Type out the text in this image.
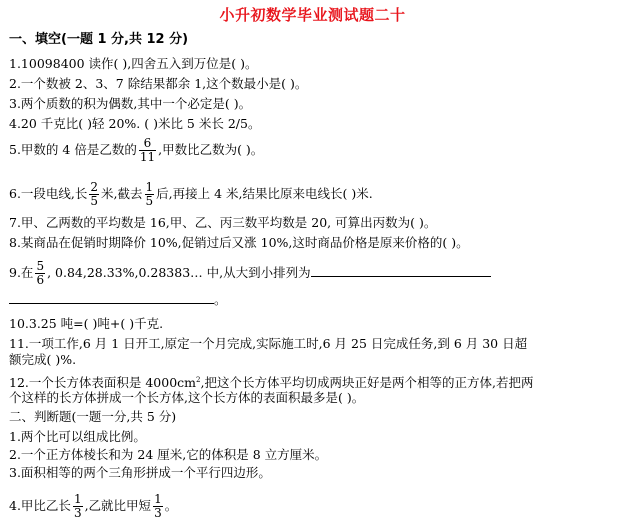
小升初数学毕业测试题二十
一、填空(一题 1 分,共 12 分)
1.10098400 读作( ),四舍五入到万位是( )。
2.一个数被 2、3、7 除结果都余 1,这个数最小是( )。
3.两个质数的积为偶数,其中一个必定是( )。
4.20 千克比( )轻 20%. ( )米比 5 米长 2/5。
5.甲数的 4 倍是乙数的 $\frac{6}{11}$ ,甲数比乙数为( )。
6.一段电线,长 $\frac{2}{5}$ 米,截去 $\frac{1}{5}$ 后,再接上 4 米,结果比原来电线长( )米.
7.甲、乙两数的平均数是 16,甲、乙、丙三数平均数是 20, 可算出丙数为( )。
8.某商品在促销时期降价 10%,促销过后又涨 10%,这时商品价格是原来价格的( )。
9.在 $\frac{5}{6}$ , 0.84,28.33%,0.28383… 中,从大到小排列为
。
10.3.25 吨=( )吨+( )千克.
11.一项工作,6 月 1 日开工,原定一个月完成,实际施工时,6 月 25 日完成任务,到 6 月 30 日超
额完成( )%.
12.一个长方体表面积是 $4000cm^2$,把这个长方体平均切成两块正好是两个相等的正方体,若把两
个这样的长方体拼成一个长方体,这个长方体的表面积最多是( )。
二、判断题(一题一分,共 5 分)
1.两个比可以组成比例。
2.一个正方体棱长和为 24 厘米,它的体积是 8 立方厘米。
3.面积相等的两个三角形拼成一个平行四边形。
4.甲比乙长 $\frac{1}{3}$ ,乙就比甲短 $\frac{1}{3}$ 。
